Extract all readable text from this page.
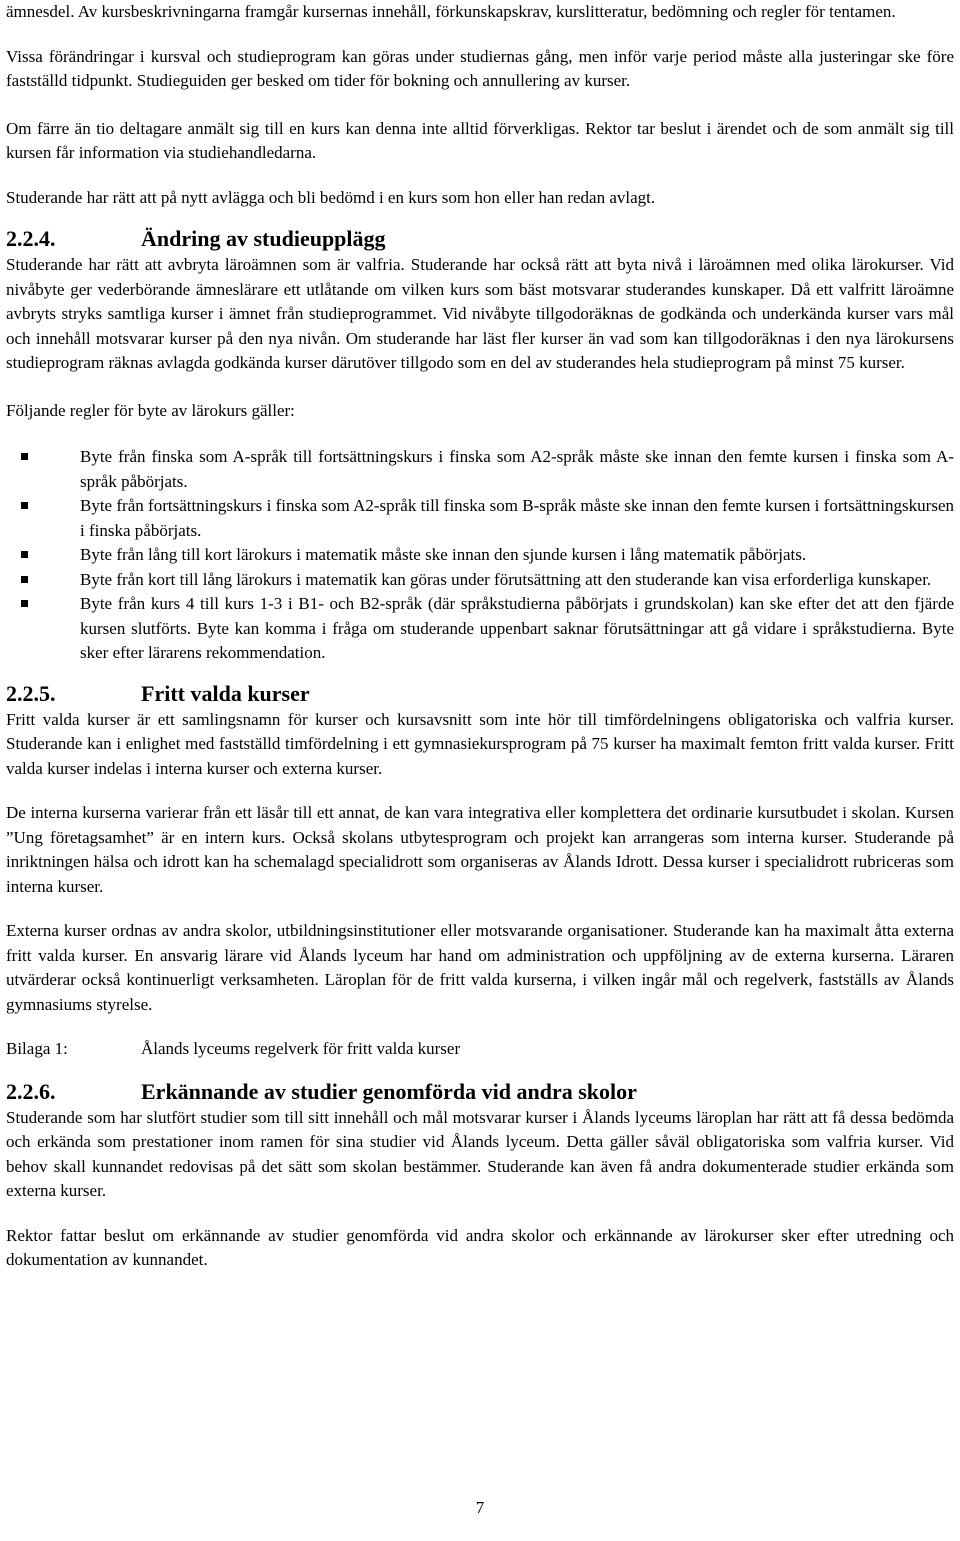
ämnesdel. Av kursbeskrivningarna framgår kursernas innehåll, förkunskapskrav, kurslitteratur, bedömning och regler för tentamen.

Vissa förändringar i kursval och studieprogram kan göras under studiernas gång, men inför varje period måste alla justeringar ske före fastställd tidpunkt. Studieguiden ger besked om tider för bokning och annullering av kurser.

Om färre än tio deltagare anmält sig till en kurs kan denna inte alltid förverkligas. Rektor tar beslut i ärendet och de som anmält sig till kursen får information via studiehandledarna.

Studerande har rätt att på nytt avlägga och bli bedömd i en kurs som hon eller han redan avlagt.

2.2.4.	Ändring av studieupplägg

Studerande har rätt att avbryta läroämnen som är valfria. Studerande har också rätt att byta nivå i läroämnen med olika lärokurser. Vid nivåbyte ger vederbörande ämneslärare ett utlåtande om vilken kurs som bäst motsvarar studerandes kunskaper. Då ett valfritt läroämne avbryts stryks samtliga kurser i ämnet från studieprogrammet. Vid nivåbyte tillgodoräknas de godkända och underkända kurser vars mål och innehåll motsvarar kurser på den nya nivån. Om studerande har läst fler kurser än vad som kan tillgodoräknas i den nya lärokursens studieprogram räknas avlagda godkända kurser därutöver tillgodo som en del av studerandes hela studieprogram på minst 75 kurser.

Följande regler för byte av lärokurs gäller:

Byte från finska som A-språk till fortsättningskurs i finska som A2-språk måste ske innan den femte kursen i finska som A-språk påbörjats.

Byte från fortsättningskurs i finska som A2-språk till finska som B-språk måste ske innan den femte kursen i fortsättningskursen i finska påbörjats.

Byte från lång till kort lärokurs i matematik måste ske innan den sjunde kursen i lång matematik påbörjats.

Byte från kort till lång lärokurs i matematik kan göras under förutsättning att den studerande kan visa erforderliga kunskaper.

Byte från kurs 4 till kurs 1-3 i B1- och B2-språk (där språkstudierna påbörjats i grundskolan) kan ske efter det att den fjärde kursen slutförts. Byte kan komma i fråga om studerande uppenbart saknar förutsättningar att gå vidare i språkstudierna. Byte sker efter lärarens rekommendation.

2.2.5.	Fritt valda kurser

Fritt valda kurser är ett samlingsnamn för kurser och kursavsnitt som inte hör till timfördelningens obligatoriska och valfria kurser. Studerande kan i enlighet med fastställd timfördelning i ett gymnasiekursprogram på 75 kurser ha maximalt femton fritt valda kurser. Fritt valda kurser indelas i interna kurser och externa kurser.

De interna kurserna varierar från ett läsår till ett annat, de kan vara integrativa eller komplettera det ordinarie kursutbudet i skolan. Kursen ”Ung företagsamhet” är en intern kurs. Också skolans utbytesprogram och projekt kan arrangeras som interna kurser. Studerande på inriktningen hälsa och idrott kan ha schemalagd specialidrott som organiseras av Ålands Idrott. Dessa kurser i specialidrott rubriceras som interna kurser.

Externa kurser ordnas av andra skolor, utbildningsinstitutioner eller motsvarande organisationer. Studerande kan ha maximalt åtta externa fritt valda kurser. En ansvarig lärare vid Ålands lyceum har hand om administration och uppföljning av de externa kurserna. Läraren utvärderar också kontinuerligt verksamheten. Läroplan för de fritt valda kurserna, i vilken ingår mål och regelverk, fastställs av Ålands gymnasiums styrelse.

Bilaga 1:	Ålands lyceums regelverk för fritt valda kurser

2.2.6.	Erkännande av studier genomförda vid andra skolor

Studerande som har slutfört studier som till sitt innehåll och mål motsvarar kurser i Ålands lyceums läroplan har rätt att få dessa bedömda och erkända som prestationer inom ramen för sina studier vid Ålands lyceum. Detta gäller såväl obligatoriska som valfria kurser. Vid behov skall kunnandet redovisas på det sätt som skolan bestämmer. Studerande kan även få andra dokumenterade studier erkända som externa kurser.

Rektor fattar beslut om erkännande av studier genomförda vid andra skolor och erkännande av lärokurser sker efter utredning och dokumentation av kunnandet.

7
